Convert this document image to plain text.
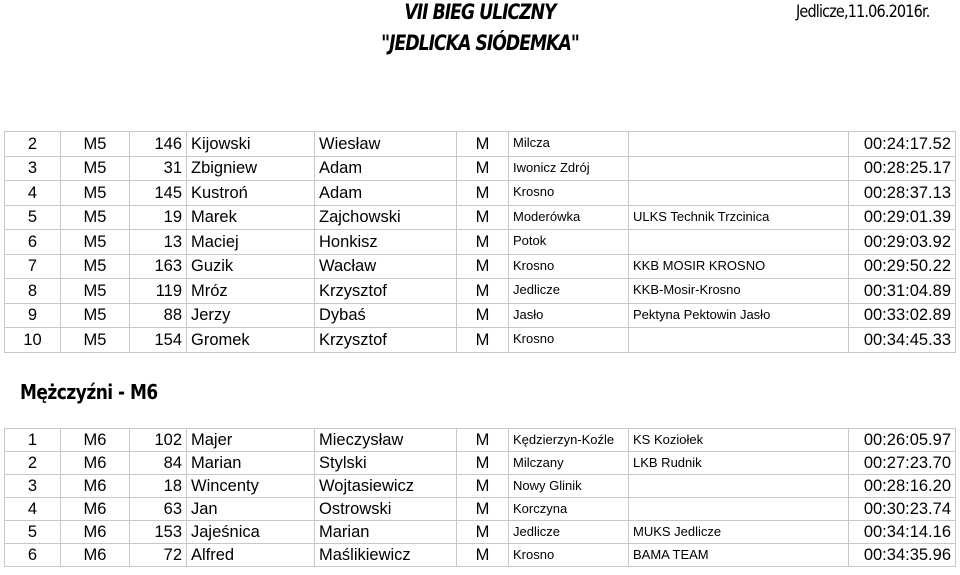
VII BIEG ULICZNY
"JEDLICKA SIÓDEMKA"
Jedlicze,11.06.2016r.
2	M5	146	Kijowski	Wiesław	M	Milcza		00:24:17.52
3	M5	31	Zbigniew	Adam	M	Iwonicz Zdrój		00:28:25.17
4	M5	145	Kustroń	Adam	M	Krosno		00:28:37.13
5	M5	19	Marek	Zajchowski	M	Moderówka	ULKS Technik Trzcinica	00:29:01.39
6	M5	13	Maciej	Honkisz	M	Potok		00:29:03.92
7	M5	163	Guzik	Wacław	M	Krosno	KKB MOSIR KROSNO	00:29:50.22
8	M5	119	Mróz	Krzysztof	M	Jedlicze	KKB-Mosir-Krosno	00:31:04.89
9	M5	88	Jerzy	Dybaś	M	Jasło	Pektyna Pektowin Jasło	00:33:02.89
10	M5	154	Gromek	Krzysztof	M	Krosno		00:34:45.33
Mężczyźni - M6
1	M6	102	Majer	Mieczysław	M	Kędzierzyn-Koźle	KS Koziołek	00:26:05.97
2	M6	84	Marian	Stylski	M	Milczany	LKB Rudnik	00:27:23.70
3	M6	18	Wincenty	Wojtasiewicz	M	Nowy Glinik		00:28:16.20
4	M6	63	Jan	Ostrowski	M	Korczyna		00:30:23.74
5	M6	153	Jajeśnica	Marian	M	Jedlicze	MUKS Jedlicze	00:34:14.16
6	M6	72	Alfred	Maślikiewicz	M	Krosno	BAMA TEAM	00:34:35.96
